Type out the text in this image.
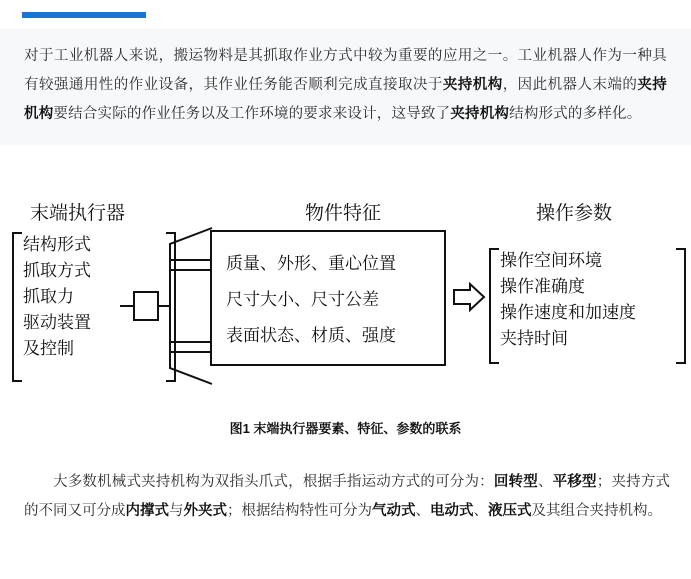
对于工业机器人来说，搬运物料是其抓取作业方式中较为重要的应用之一。工业机器人作为一种具有较强通用性的作业设备，其作业任务能否顺利完成直接取决于夹持机构，因此机器人末端的夹持机构要结合实际的作业任务以及工作环境的要求来设计，这导致了夹持机构结构形式的多样化。

末端执行器	物件特征	操作参数
结构形式
抓取方式
抓取力
驱动装置
及控制
质量、外形、重心位置
尺寸大小、尺寸公差
表面状态、材质、强度
操作空间环境
操作准确度
操作速度和加速度
夹持时间
图1 末端执行器要素、特征、参数的联系

大多数机械式夹持机构为双指头爪式，根据手指运动方式的可分为：回转型、平移型；夹持方式的不同又可分成内撑式与外夹式；根据结构特性可分为气动式、电动式、液压式及其组合夹持机构。
